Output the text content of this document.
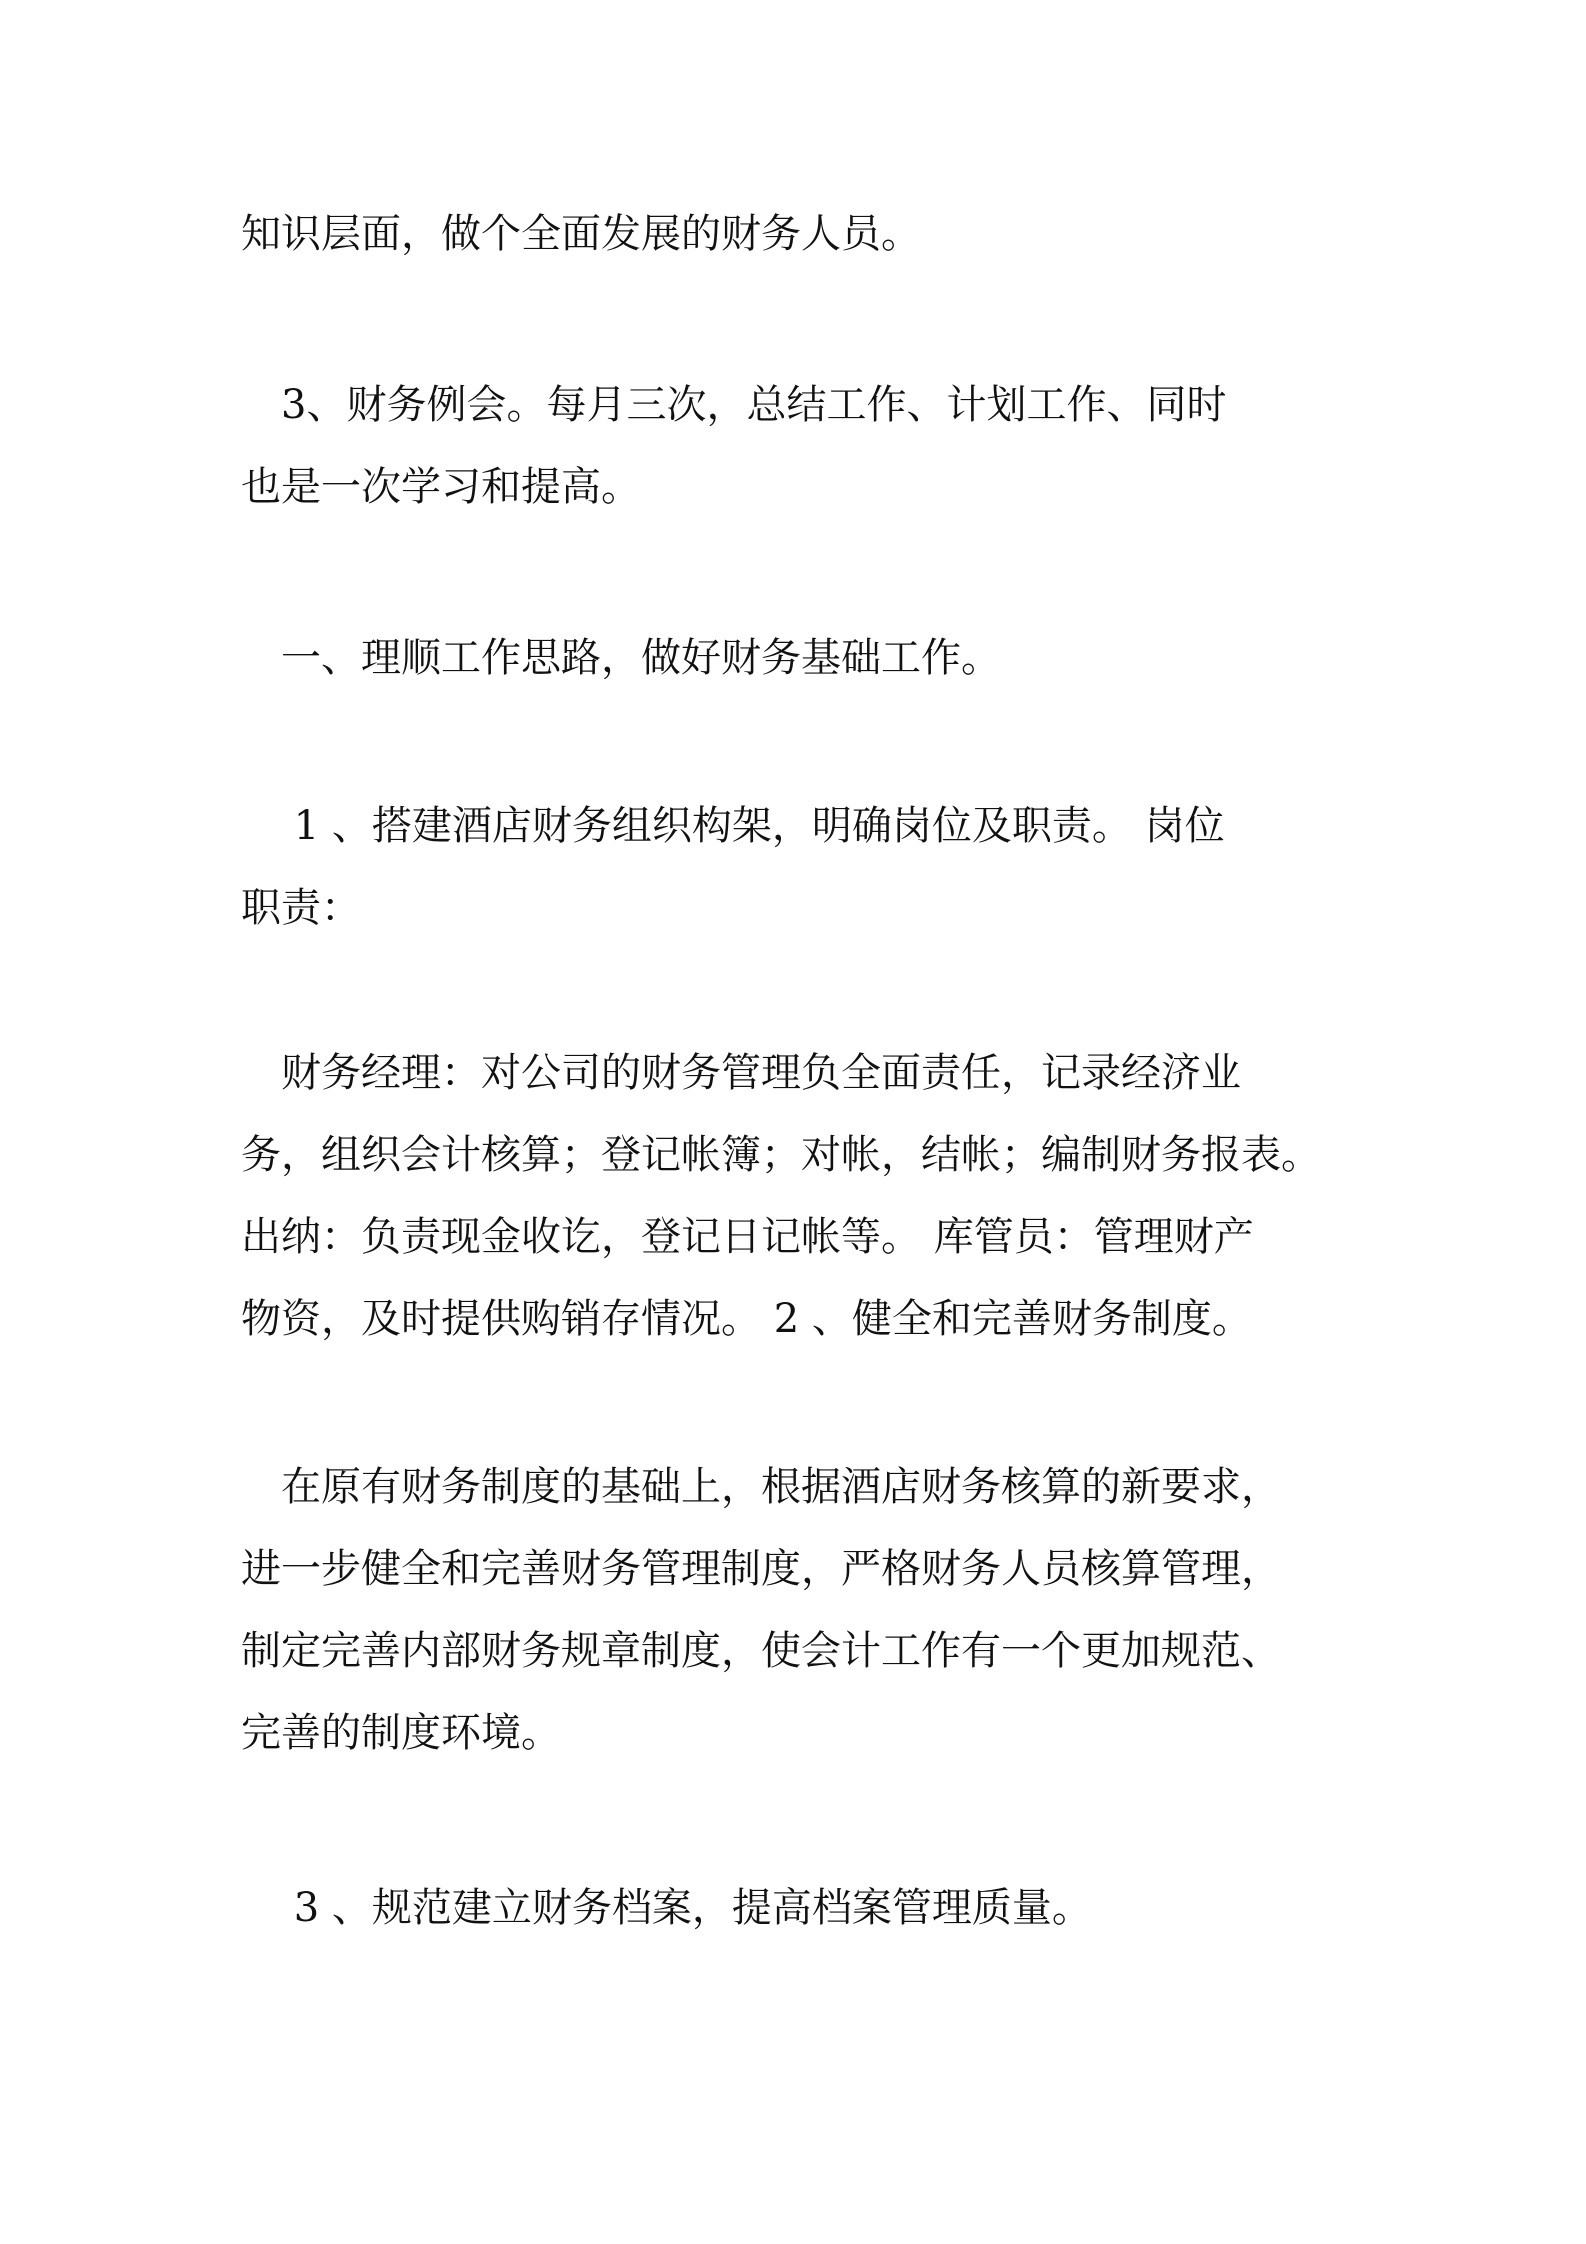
知识层面，做个全面发展的财务人员。

　3、财务例会。每月三次，总结工作、计划工作、同时
也是一次学习和提高。

　一、理顺工作思路，做好财务基础工作。

　 1 、搭建酒店财务组织构架，明确岗位及职责。 岗位
职责：

　财务经理：对公司的财务管理负全面责任，记录经济业
务，组织会计核算；登记帐簿；对帐，结帐；编制财务报表。
出纳：负责现金收讫，登记日记帐等。 库管员：管理财产
物资，及时提供购销存情况。 2 、健全和完善财务制度。

　在原有财务制度的基础上，根据酒店财务核算的新要求，
进一步健全和完善财务管理制度，严格财务人员核算管理，
制定完善内部财务规章制度，使会计工作有一个更加规范、
完善的制度环境。

　 3 、规范建立财务档案，提高档案管理质量。
